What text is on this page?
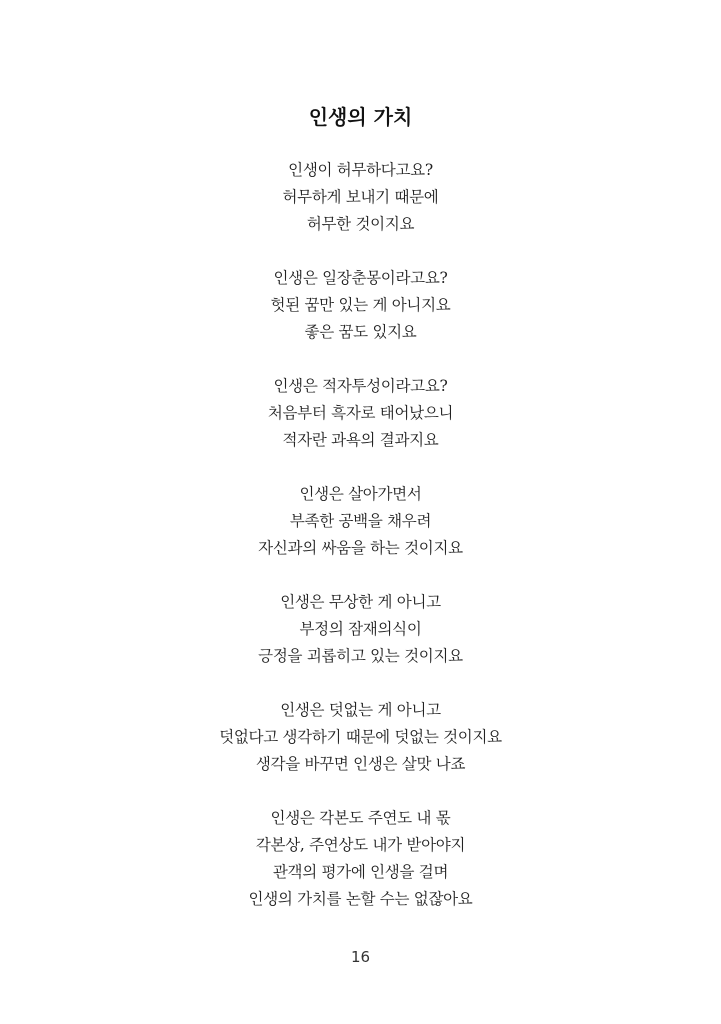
인생의 가치
인생이 허무하다고요?
허무하게 보내기 때문에
허무한 것이지요
인생은 일장춘몽이라고요?
헛된 꿈만 있는 게 아니지요
좋은 꿈도 있지요
인생은 적자투성이라고요?
처음부터 흑자로 태어났으니
적자란 과욕의 결과지요
인생은 살아가면서
부족한 공백을 채우려
자신과의 싸움을 하는 것이지요
인생은 무상한 게 아니고
부정의 잠재의식이
긍정을 괴롭히고 있는 것이지요
인생은 덧없는 게 아니고
덧없다고 생각하기 때문에 덧없는 것이지요
생각을 바꾸면 인생은 살맛 나죠
인생은 각본도 주연도 내 몫
각본상, 주연상도 내가 받아야지
관객의 평가에 인생을 걸며
인생의 가치를 논할 수는 없잖아요
16
